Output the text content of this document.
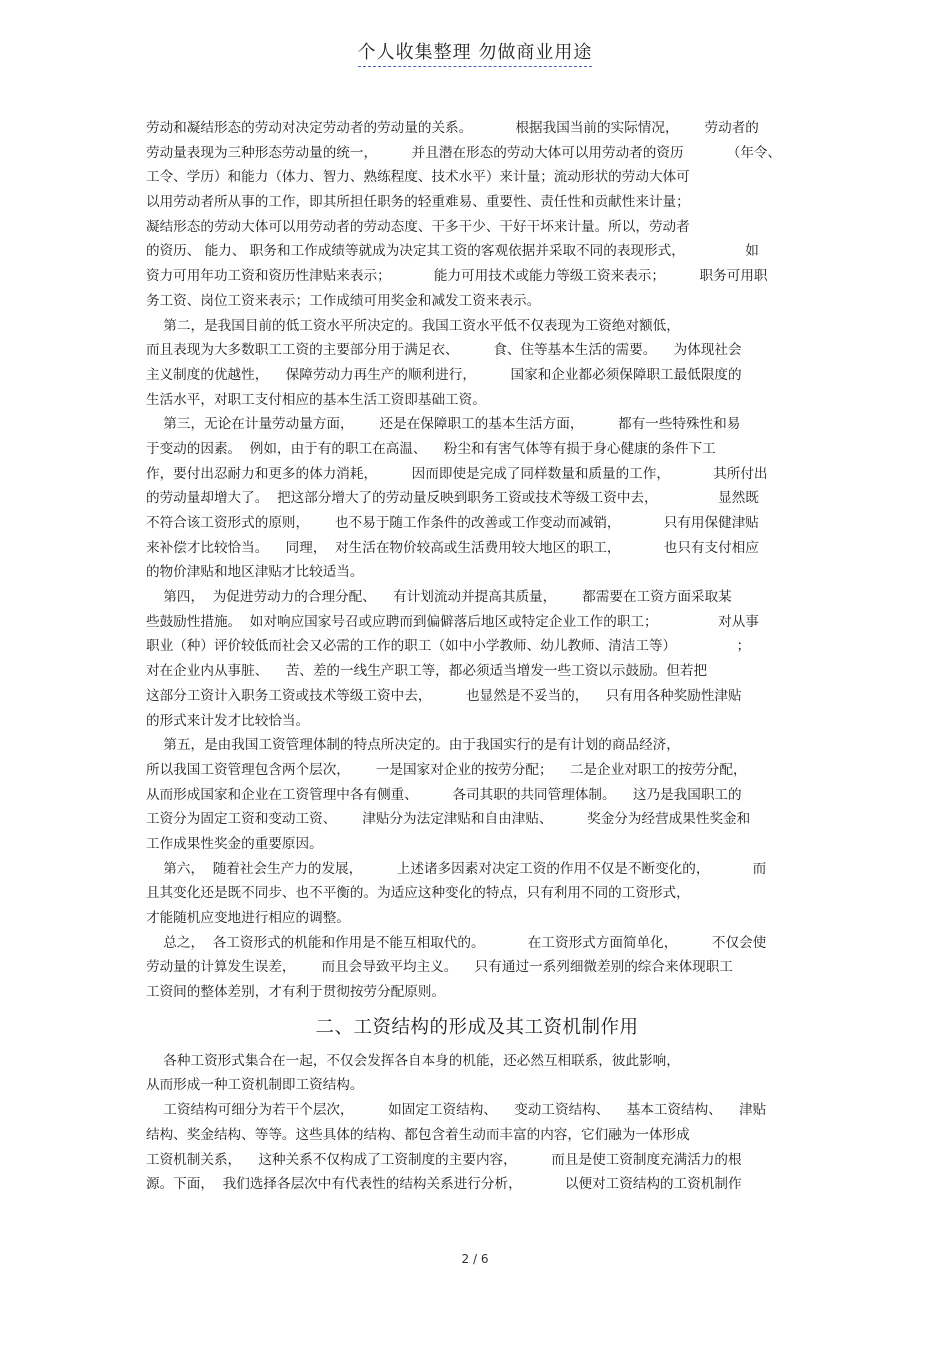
个人收集整理 勿做商业用途
劳动和凝结形态的劳动对决定劳动者的劳动量的关系。          根据我国当前的实际情况，      劳动者的
劳动量表现为三种形态劳动量的统一，        并且潜在形态的劳动大体可以用劳动者的资历          （年令、
工令、学历）和能力（体力、智力、熟练程度、技术水平）来计量；流动形状的劳动大体可
以用劳动者所从事的工作，即其所担任职务的轻重难易、重要性、责任性和贡献性来计量；
凝结形态的劳动大体可以用劳动者的劳动态度、干多干少、干好干坏来计量。所以，劳动者
的资历、 能力、 职务和工作成绩等就成为决定其工资的客观依据并采取不同的表现形式，              如
资力可用年功工资和资历性津贴来表示；          能力可用技术或能力等级工资来表示；        职务可用职
务工资、岗位工资来表示；工作成绩可用奖金和减发工资来表示。
第二，是我国目前的低工资水平所决定的。我国工资水平低不仅表现为工资绝对额低，
而且表现为大多数职工工资的主要部分用于满足衣、        食、住等基本生活的需要。    为体现社会
主义制度的优越性，    保障劳动力再生产的顺利进行，        国家和企业都必须保障职工最低限度的
生活水平，对职工支付相应的基本生活工资即基础工资。
第三，无论在计量劳动量方面，      还是在保障职工的基本生活方面，        都有一些特殊性和易
于变动的因素。  例如，由于有的职工在高温、    粉尘和有害气体等有损于身心健康的条件下工
作，要付出忍耐力和更多的体力消耗，        因而即使是完成了同样数量和质量的工作，          其所付出
的劳动量却增大了。  把这部分增大了的劳动量反映到职务工资或技术等级工资中去，              显然既
不符合该工资形式的原则，      也不易于随工作条件的改善或工作变动而减销，          只有用保健津贴
来补偿才比较恰当。    同理，  对生活在物价较高或生活费用较大地区的职工，          也只有支付相应
的物价津贴和地区津贴才比较适当。
第四，  为促进劳动力的合理分配、    有计划流动并提高其质量，      都需要在工资方面采取某
些鼓励性措施。  如对响应国家号召或应聘而到偏僻落后地区或特定企业工作的职工；              对从事
职业（种）评价较低而社会又必需的工作的职工（如中小学教师、幼儿教师、清洁工等）              ；
对在企业内从事脏、    苦、差的一线生产职工等，都必须适当增发一些工资以示鼓励。但若把
这部分工资计入职务工资或技术等级工资中去，        也显然是不妥当的，    只有用各种奖励性津贴
的形式来计发才比较恰当。
第五，是由我国工资管理体制的特点所决定的。由于我国实行的是有计划的商品经济，
所以我国工资管理包含两个层次，      一是国家对企业的按劳分配；    二是企业对职工的按劳分配，
从而形成国家和企业在工资管理中各有侧重、        各司其职的共同管理体制。    这乃是我国职工的
工资分为固定工资和变动工资、      津贴分为法定津贴和自由津贴、        奖金分为经营成果性奖金和
工作成果性奖金的重要原因。
第六，  随着社会生产力的发展，        上述诸多因素对决定工资的作用不仅是不断变化的，          而
且其变化还是既不同步、也不平衡的。为适应这种变化的特点，只有利用不同的工资形式，
才能随机应变地进行相应的调整。
总之，  各工资形式的机能和作用是不能互相取代的。          在工资形式方面简单化，        不仅会使
劳动量的计算发生误差，      而且会导致平均主义。    只有通过一系列细微差别的综合来体现职工
工资间的整体差别，才有利于贯彻按劳分配原则。
二、工资结构的形成及其工资机制作用
各种工资形式集合在一起，不仅会发挥各自本身的机能，还必然互相联系，彼此影响，
从而形成一种工资机制即工资结构。
工资结构可细分为若干个层次，        如固定工资结构、    变动工资结构、    基本工资结构、    津贴
结构、奖金结构、等等。这些具体的结构、都包含着生动而丰富的内容，它们融为一体形成
工资机制关系，    这种关系不仅构成了工资制度的主要内容，        而且是使工资制度充满活力的根
源。下面，  我们选择各层次中有代表性的结构关系进行分析，          以便对工资结构的工资机制作
2 / 6
